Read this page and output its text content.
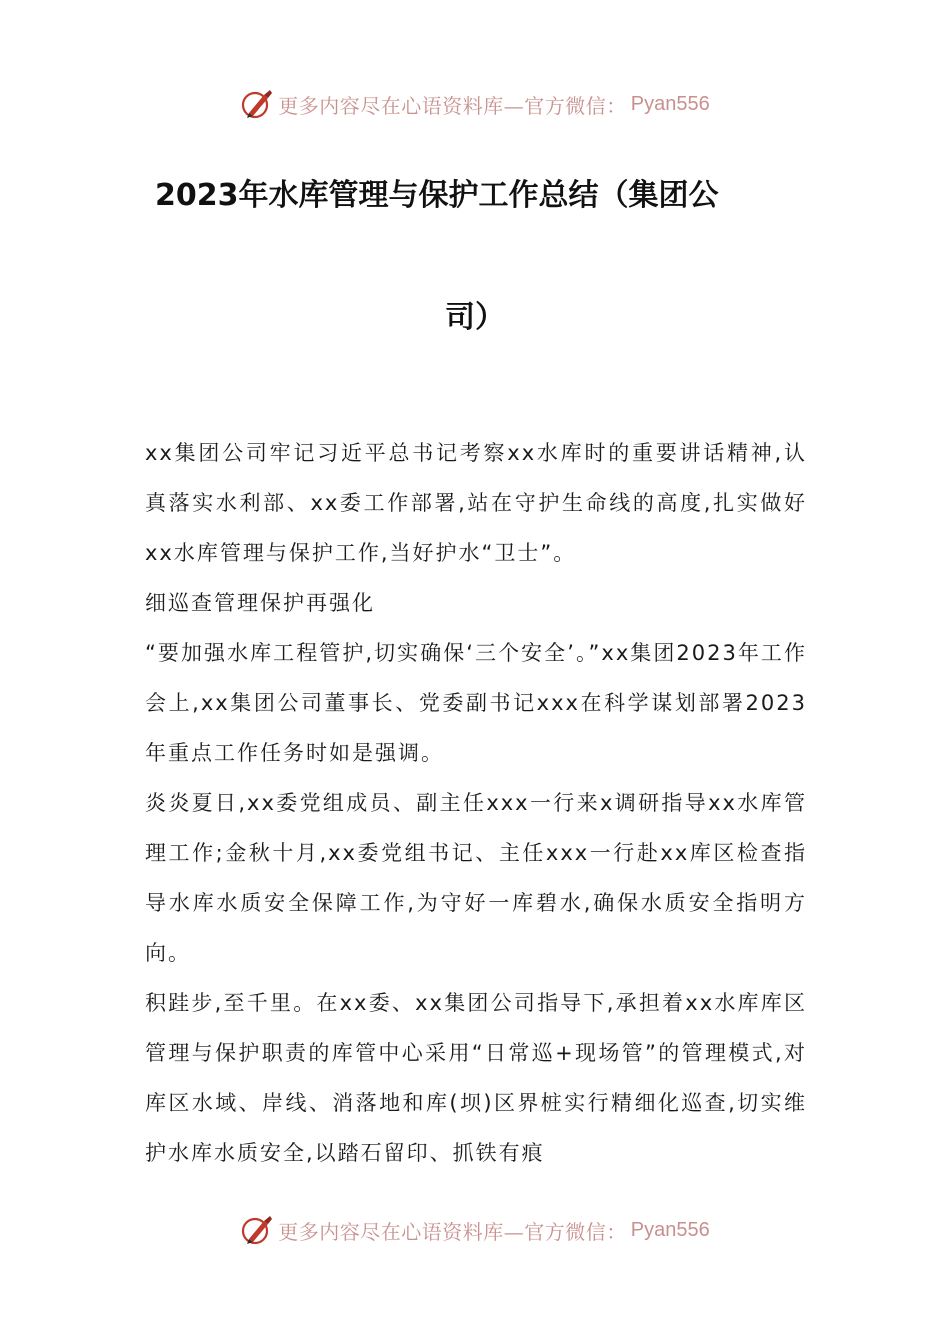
更多内容尽在心语资料库—官方微信： Pyan556
2023年水库管理与保护工作总结（集团公
司）

xx集团公司牢记习近平总书记考察xx水库时的重要讲话精神,认真落实水利部、xx委工作部署,站在守护生命线的高度,扎实做好xx水库管理与保护工作,当好护水“卫士”。

细巡查管理保护再强化

“要加强水库工程管护,切实确保‘三个安全’。”xx集团2023年工作会上,xx集团公司董事长、党委副书记xxx在科学谋划部署2023年重点工作任务时如是强调。

炎炎夏日,xx委党组成员、副主任xxx一行来x调研指导xx水库管理工作;金秋十月,xx委党组书记、主任xxx一行赴xx库区检查指导水库水质安全保障工作,为守好一库碧水,确保水质安全指明方向。

积跬步,至千里。在xx委、xx集团公司指导下,承担着xx水库库区管理与保护职责的库管中心采用“日常巡+现场管”的管理模式,对库区水域、岸线、消落地和库(坝)区界桩实行精细化巡查,切实维护水库水质安全,以踏石留印、抓铁有痕

更多内容尽在心语资料库—官方微信： Pyan556
